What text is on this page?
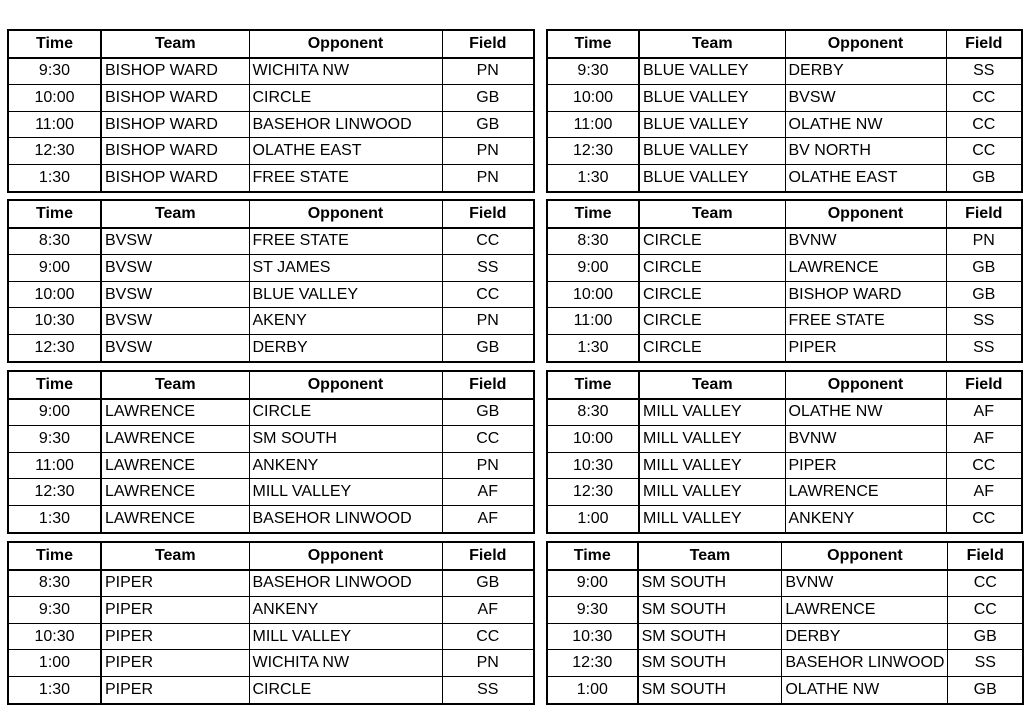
Time	Team	Opponent	Field
9:30	BISHOP WARD	WICHITA NW	PN
10:00	BISHOP WARD	CIRCLE	GB
11:00	BISHOP WARD	BASEHOR LINWOOD	GB
12:30	BISHOP WARD	OLATHE EAST	PN
1:30	BISHOP WARD	FREE STATE	PN
Time	Team	Opponent	Field
9:30	BLUE VALLEY	DERBY	SS
10:00	BLUE VALLEY	BVSW	CC
11:00	BLUE VALLEY	OLATHE NW	CC
12:30	BLUE VALLEY	BV NORTH	CC
1:30	BLUE VALLEY	OLATHE EAST	GB
Time	Team	Opponent	Field
8:30	BVSW	FREE STATE	CC
9:00	BVSW	ST JAMES	SS
10:00	BVSW	BLUE VALLEY	CC
10:30	BVSW	AKENY	PN
12:30	BVSW	DERBY	GB
Time	Team	Opponent	Field
8:30	CIRCLE	BVNW	PN
9:00	CIRCLE	LAWRENCE	GB
10:00	CIRCLE	BISHOP WARD	GB
11:00	CIRCLE	FREE STATE	SS
1:30	CIRCLE	PIPER	SS
Time	Team	Opponent	Field
9:00	LAWRENCE	CIRCLE	GB
9:30	LAWRENCE	SM SOUTH	CC
11:00	LAWRENCE	ANKENY	PN
12:30	LAWRENCE	MILL VALLEY	AF
1:30	LAWRENCE	BASEHOR LINWOOD	AF
Time	Team	Opponent	Field
8:30	MILL VALLEY	OLATHE NW	AF
10:00	MILL VALLEY	BVNW	AF
10:30	MILL VALLEY	PIPER	CC
12:30	MILL VALLEY	LAWRENCE	AF
1:00	MILL VALLEY	ANKENY	CC
Time	Team	Opponent	Field
8:30	PIPER	BASEHOR LINWOOD	GB
9:30	PIPER	ANKENY	AF
10:30	PIPER	MILL VALLEY	CC
1:00	PIPER	WICHITA NW	PN
1:30	PIPER	CIRCLE	SS
Time	Team	Opponent	Field
9:00	SM SOUTH	BVNW	CC
9:30	SM SOUTH	LAWRENCE	CC
10:30	SM SOUTH	DERBY	GB
12:30	SM SOUTH	BASEHOR LINWOOD	SS
1:00	SM SOUTH	OLATHE NW	GB
